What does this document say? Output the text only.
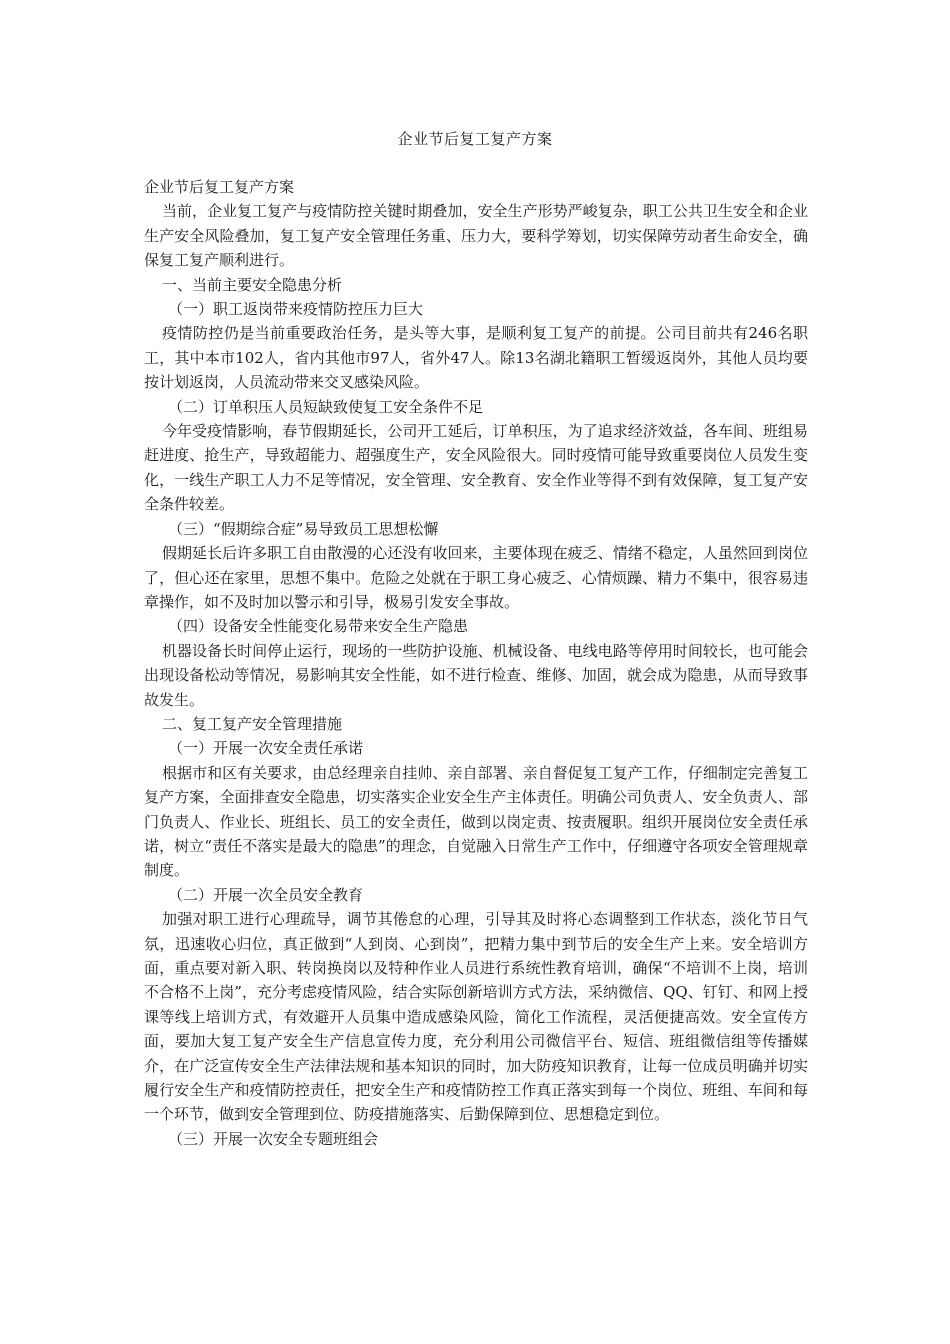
企业节后复工复产方案

企业节后复工复产方案

当前，企业复工复产与疫情防控关键时期叠加，安全生产形势严峻复杂，职工公共卫生安全和企业生产安全风险叠加，复工复产安全管理任务重、压力大，要科学筹划，切实保障劳动者生命安全，确保复工复产顺利进行。

一、当前主要安全隐患分析

（一）职工返岗带来疫情防控压力巨大

疫情防控仍是当前重要政治任务，是头等大事，是顺利复工复产的前提。公司目前共有246名职工，其中本市102人，省内其他市97人，省外47人。除13名湖北籍职工暂缓返岗外，其他人员均要按计划返岗，人员流动带来交叉感染风险。

（二）订单积压人员短缺致使复工安全条件不足

今年受疫情影响，春节假期延长，公司开工延后，订单积压，为了追求经济效益，各车间、班组易赶进度、抢生产，导致超能力、超强度生产，安全风险很大。同时疫情可能导致重要岗位人员发生变化，一线生产职工人力不足等情况，安全管理、安全教育、安全作业等得不到有效保障，复工复产安全条件较差。

（三）“假期综合症”易导致员工思想松懈

假期延长后许多职工自由散漫的心还没有收回来，主要体现在疲乏、情绪不稳定，人虽然回到岗位了，但心还在家里，思想不集中。危险之处就在于职工身心疲乏、心情烦躁、精力不集中，很容易违章操作，如不及时加以警示和引导，极易引发安全事故。

（四）设备安全性能变化易带来安全生产隐患

机器设备长时间停止运行，现场的一些防护设施、机械设备、电线电路等停用时间较长，也可能会出现设备松动等情况，易影响其安全性能，如不进行检查、维修、加固，就会成为隐患，从而导致事故发生。

二、复工复产安全管理措施

（一）开展一次安全责任承诺

根据市和区有关要求，由总经理亲自挂帅、亲自部署、亲自督促复工复产工作，仔细制定完善复工复产方案，全面排查安全隐患，切实落实企业安全生产主体责任。明确公司负责人、安全负责人、部门负责人、作业长、班组长、员工的安全责任，做到以岗定责、按责履职。组织开展岗位安全责任承诺，树立“责任不落实是最大的隐患”的理念，自觉融入日常生产工作中，仔细遵守各项安全管理规章制度。

（二）开展一次全员安全教育

加强对职工进行心理疏导，调节其倦怠的心理，引导其及时将心态调整到工作状态，淡化节日气氛，迅速收心归位，真正做到“人到岗、心到岗”，把精力集中到节后的安全生产上来。安全培训方面，重点要对新入职、转岗换岗以及特种作业人员进行系统性教育培训，确保“不培训不上岗，培训不合格不上岗”，充分考虑疫情风险，结合实际创新培训方式方法，采纳微信、QQ、钉钉、和网上授课等线上培训方式，有效避开人员集中造成感染风险，简化工作流程，灵活便捷高效。安全宣传方面，要加大复工复产安全生产信息宣传力度，充分利用公司微信平台、短信、班组微信组等传播媒介，在广泛宣传安全生产法律法规和基本知识的同时，加大防疫知识教育，让每一位成员明确并切实履行安全生产和疫情防控责任，把安全生产和疫情防控工作真正落实到每一个岗位、班组、车间和每一个环节，做到安全管理到位、防疫措施落实、后勤保障到位、思想稳定到位。

（三）开展一次安全专题班组会
